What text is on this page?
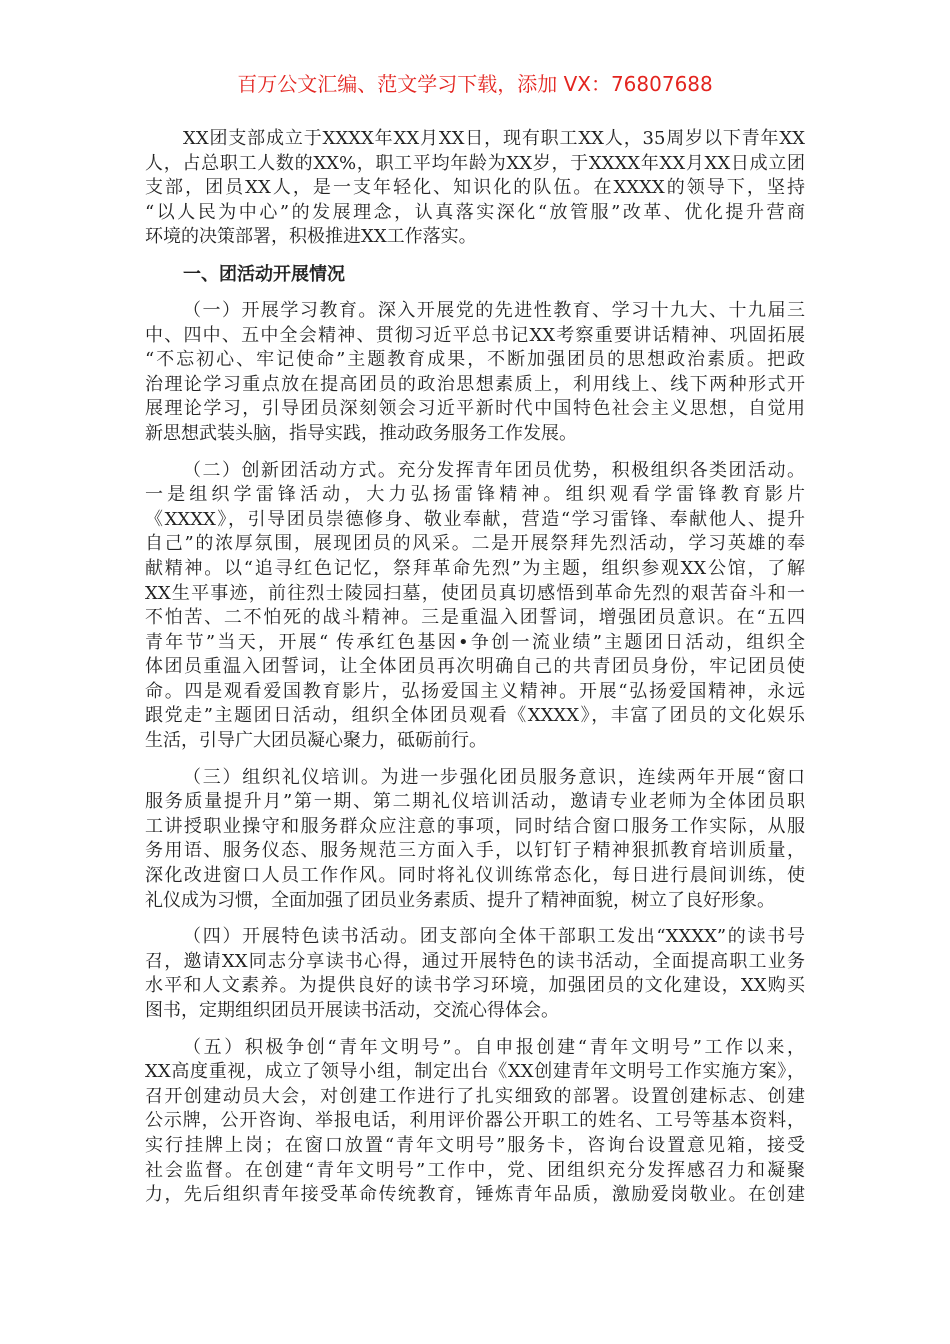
百万公文汇编、范文学习下载，添加 VX：76807688
XX团支部成立于XXXX年XX月XX日，现有职工XX人，35周岁以下青年XX
人，占总职工人数的XX%，职工平均年龄为XX岁，于XXXX年XX月XX日成立团
支部，团员XX人，是一支年轻化、知识化的队伍。在XXXX的领导下，坚持
“以人民为中心”的发展理念，认真落实深化“放管服”改革、优化提升营商
环境的决策部署，积极推进XX工作落实。
一、团活动开展情况
（一）开展学习教育。深入开展党的先进性教育、学习十九大、十九届三
中、四中、五中全会精神、贯彻习近平总书记XX考察重要讲话精神、巩固拓展
“不忘初心、牢记使命”主题教育成果，不断加强团员的思想政治素质。把政
治理论学习重点放在提高团员的政治思想素质上，利用线上、线下两种形式开
展理论学习，引导团员深刻领会习近平新时代中国特色社会主义思想，自觉用
新思想武装头脑，指导实践，推动政务服务工作发展。
（二）创新团活动方式。充分发挥青年团员优势，积极组织各类团活动。
一是组织学雷锋活动，大力弘扬雷锋精神。组织观看学雷锋教育影片
《XXXX》，引导团员崇德修身、敬业奉献，营造“学习雷锋、奉献他人、提升
自己”的浓厚氛围，展现团员的风采。二是开展祭拜先烈活动，学习英雄的奉
献精神。以“追寻红色记忆，祭拜革命先烈”为主题，组织参观XX公馆，了解
XX生平事迹，前往烈士陵园扫墓，使团员真切感悟到革命先烈的艰苦奋斗和一
不怕苦、二不怕死的战斗精神。三是重温入团誓词，增强团员意识。在“五四
青年节”当天，开展“ 传承红色基因•争创一流业绩”主题团日活动，组织全
体团员重温入团誓词，让全体团员再次明确自己的共青团员身份，牢记团员使
命。四是观看爱国教育影片，弘扬爱国主义精神。开展“弘扬爱国精神，永远
跟党走”主题团日活动，组织全体团员观看《XXXX》，丰富了团员的文化娱乐
生活，引导广大团员凝心聚力，砥砺前行。
（三）组织礼仪培训。为进一步强化团员服务意识，连续两年开展“窗口
服务质量提升月”第一期、第二期礼仪培训活动，邀请专业老师为全体团员职
工讲授职业操守和服务群众应注意的事项，同时结合窗口服务工作实际，从服
务用语、服务仪态、服务规范三方面入手，以钉钉子精神狠抓教育培训质量，
深化改进窗口人员工作作风。同时将礼仪训练常态化，每日进行晨间训练，使
礼仪成为习惯，全面加强了团员业务素质、提升了精神面貌，树立了良好形象。
（四）开展特色读书活动。团支部向全体干部职工发出“XXXX”的读书号
召，邀请XX同志分享读书心得，通过开展特色的读书活动，全面提高职工业务
水平和人文素养。为提供良好的读书学习环境，加强团员的文化建设，XX购买
图书，定期组织团员开展读书活动，交流心得体会。
（五）积极争创“青年文明号”。自申报创建“青年文明号”工作以来，
XX高度重视，成立了领导小组，制定出台《XX创建青年文明号工作实施方案》，
召开创建动员大会，对创建工作进行了扎实细致的部署。设置创建标志、创建
公示牌，公开咨询、举报电话，利用评价器公开职工的姓名、工号等基本资料，
实行挂牌上岗；在窗口放置“青年文明号”服务卡，咨询台设置意见箱，接受
社会监督。在创建“青年文明号”工作中，党、团组织充分发挥感召力和凝聚
力，先后组织青年接受革命传统教育，锤炼青年品质，激励爱岗敬业。在创建
